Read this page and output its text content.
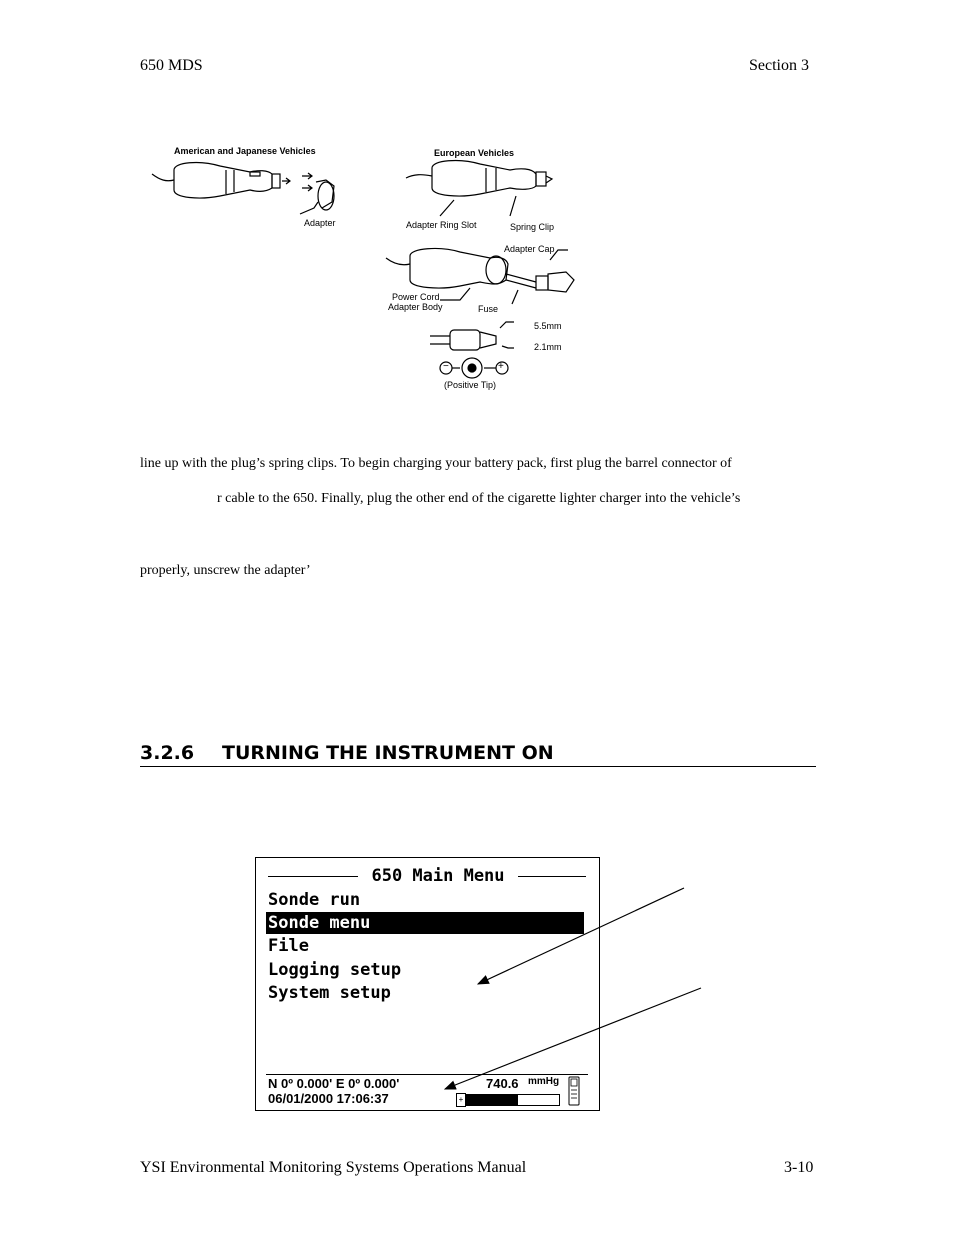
650 MDS	Section 3
American and Japanese Vehicles	European Vehicles
Adapter	Adapter Ring Slot	Spring Clip
Adapter Cap
Power Cord
Adapter Body	Fuse
5.5mm
2.1mm
−	+
(Positive Tip)
line up with the plug’s spring clips. To begin charging your battery pack, first plug the barrel connector of
r cable to the 650. Finally, plug the other end of the cigarette lighter charger into the vehicle’s
properly, unscrew the adapter’
3.2.6 TURNING THE INSTRUMENT ON
650 Main Menu
Sonde run
Sonde menu
File
Logging setup
System setup
N 0º 0.000' E 0º 0.000'	740.6 mmHg
06/01/2000 17:06:37	+
YSI Environmental Monitoring Systems Operations Manual	3-10
